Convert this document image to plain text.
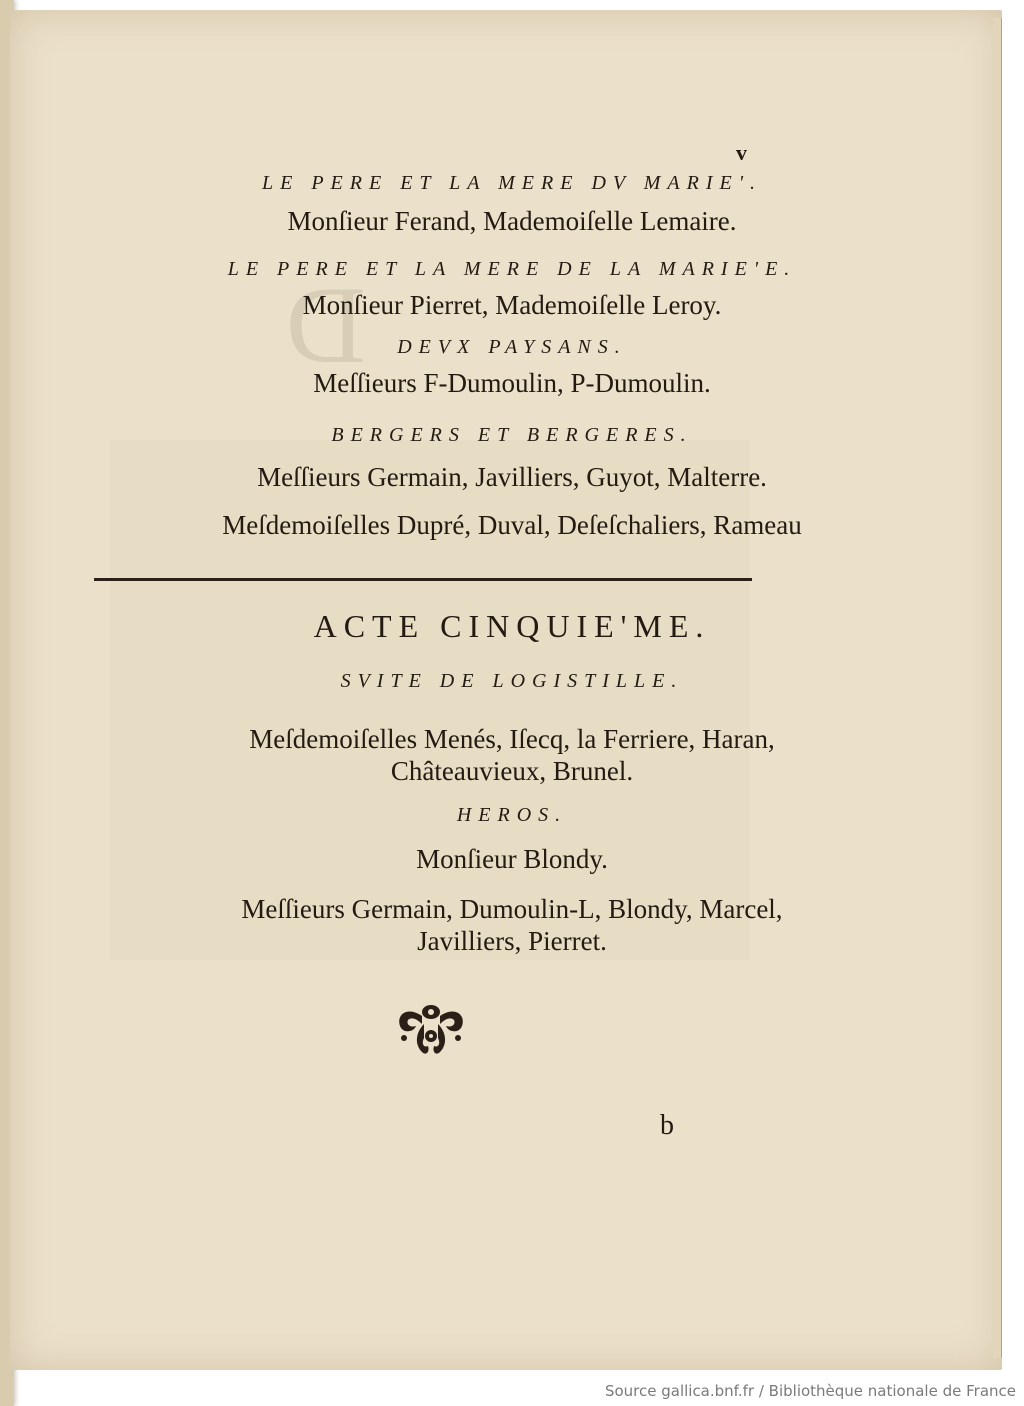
v
LE PERE ET LA MERE DV MARIE'.
Monſieur Ferand, Mademoiſelle Lemaire.
LE PERE ET LA MERE DE LA MARIE'E.
Monſieur Pierret, Mademoiſelle Leroy.
DEVX PAYSANS.
Meſſieurs F-Dumoulin, P-Dumoulin.
BERGERS ET BERGERES.
Meſſieurs Germain, Javilliers, Guyot, Malterre.
Meſdemoiſelles Dupré, Duval, Deſeſchaliers, Rameau
ACTE CINQUIE'ME.
SVITE DE LOGISTILLE.
Meſdemoiſelles Menés, Iſecq, la Ferriere, Haran,
Châteauvieux, Brunel.
HEROS.
Monſieur Blondy.
Meſſieurs Germain, Dumoulin-L, Blondy, Marcel,
Javilliers, Pierret.
b
Source gallica.bnf.fr / Bibliothèque nationale de France
